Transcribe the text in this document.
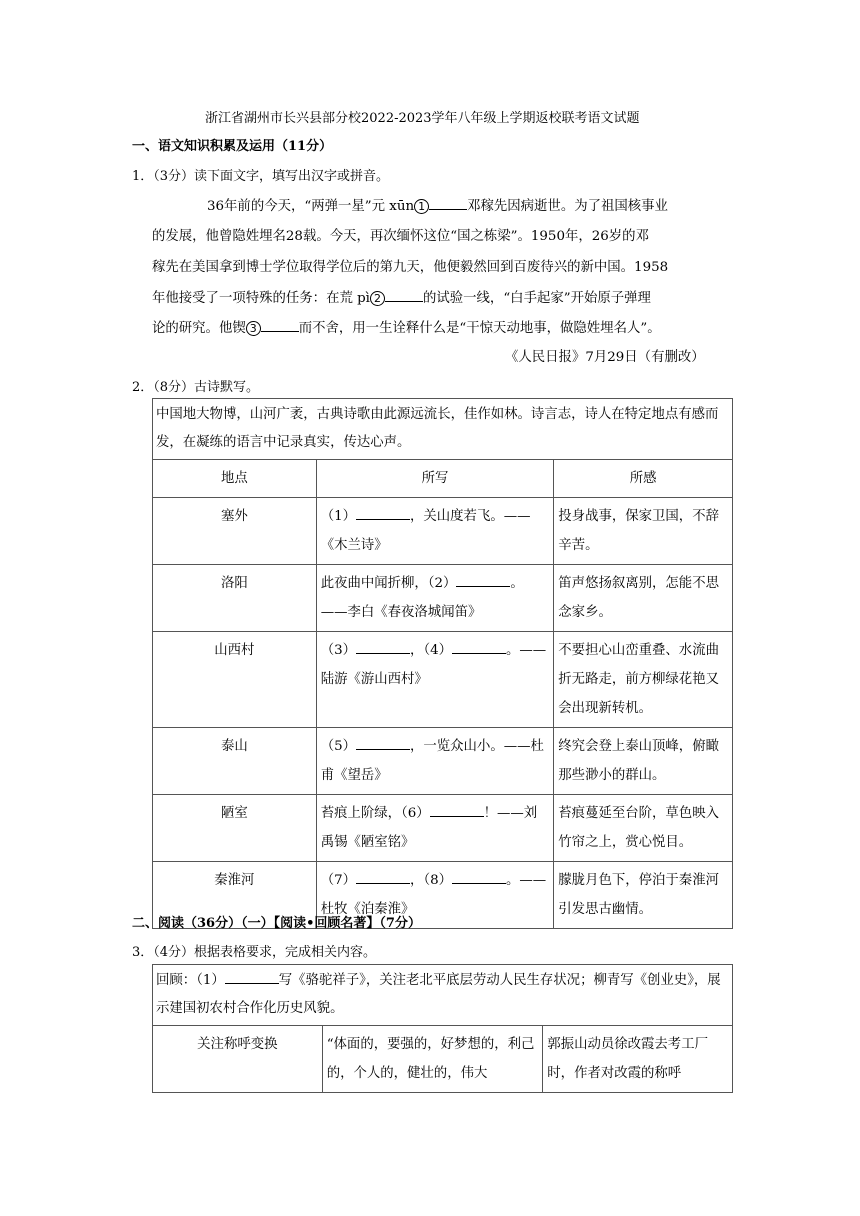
浙江省湖州市长兴县部分校2022-2023学年八年级上学期返校联考语文试题
一、语文知识积累及运用（11分）
1．（3分）读下面文字，填写出汉字或拼音。
36年前的今天，“两弹一星”元 xūn 1	邓稼先因病逝世。为了祖国核事业
的发展，他曾隐姓埋名28载。今天，再次缅怀这位“国之栋梁”。1950年，26岁的邓
稼先在美国拿到博士学位取得学位后的第九天，他便毅然回到百废待兴的新中国。1958
年他接受了一项特殊的任务：在荒 pì 2	的试验一线，“白手起家”开始原子弹理
论的研究。他锲 3	而不舍，用一生诠释什么是“干惊天动地事，做隐姓埋名人”。
《人民日报》7月29日（有删改）
2．（8分）古诗默写。
中国地大物博，山河广袤，古典诗歌由此源远流长，佳作如林。诗言志，诗人在特定地点有感而发，在凝练的语言中记录真实，传达心声。		
地点	所写	所感
塞外	（1） ，关山度若飞。——《木兰诗》	投身战事，保家卫国，不辞辛苦。
洛阳	此夜曲中闻折柳，（2） 。——李白《春夜洛城闻笛》	笛声悠扬叙离别，怎能不思念家乡。
山西村	（3） ，（4） 。——陆游《游山西村》	不要担心山峦重叠、水流曲折无路走，前方柳绿花艳又会出现新转机。
泰山	（5） ，一览众山小。——杜甫《望岳》	终究会登上泰山顶峰，俯瞰那些渺小的群山。
陋室	苔痕上阶绿，（6） ！——刘禹锡《陋室铭》	苔痕蔓延至台阶，草色映入竹帘之上，赏心悦目。
秦淮河	（7） ，（8） 。——杜牧《泊秦淮》	朦胧月色下，停泊于秦淮河引发思古幽情。
二、阅读（36分）（一）【阅读•回顾名著】（7分）
3．（4分）根据表格要求，完成相关内容。
回顾：（1）	写《骆驼祥子》，关注老北平底层劳动人民生存状况；柳青写《创业史》，展示建国初农村合作化历史风貌。
关注称呼变换	“体面的，要强的，好梦想的，利己的，个人的，健壮的，伟大	郭振山动员徐改霞去考工厂时，作者对改霞的称呼
